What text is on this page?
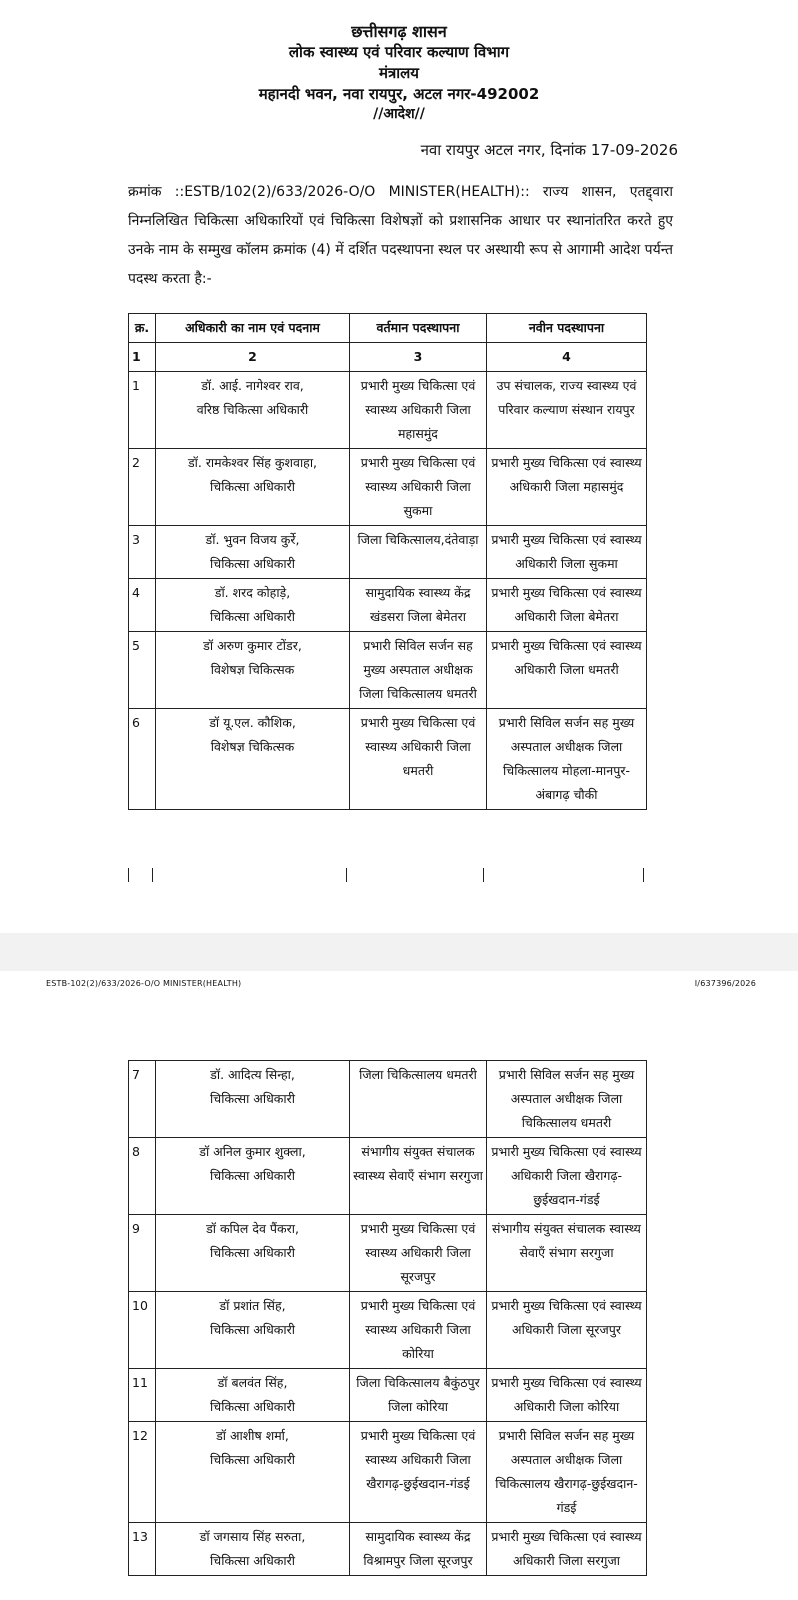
छत्तीसगढ़ शासन
लोक स्वास्थ्य एवं परिवार कल्याण विभाग
मंत्रालय
महानदी भवन, नवा रायपुर, अटल नगर-492002
//आदेश//
नवा रायपुर अटल नगर, दिनांक 17-09-2026
क्रमांक ::ESTB/102(2)/633/2026-O/O MINISTER(HEALTH):: राज्य शासन, एतद्द्वारा निम्नलिखित चिकित्सा अधिकारियों एवं चिकित्सा विशेषज्ञों को प्रशासनिक आधार पर स्थानांतरित करते हुए उनके नाम के सम्मुख कॉलम क्रमांक (4) में दर्शित पदस्थापना स्थल पर अस्थायी रूप से आगामी आदेश पर्यन्त पदस्थ करता है:-
क्र.	अधिकारी का नाम एवं पदनाम	वर्तमान पदस्थापना	नवीन पदस्थापना
1	2	3	4

1	डॉ. आई. नागेश्वर राव,
वरिष्ठ चिकित्सा अधिकारी	प्रभारी मुख्य चिकित्सा एवं स्वास्थ्य अधिकारी जिला महासमुंद	उप संचालक, राज्य स्वास्थ्य एवं परिवार कल्याण संस्थान रायपुर

2	डॉ. रामकेश्वर सिंह कुशवाहा,
चिकित्सा अधिकारी	प्रभारी मुख्य चिकित्सा एवं स्वास्थ्य अधिकारी जिला सुकमा	प्रभारी मुख्य चिकित्सा एवं स्वास्थ्य अधिकारी जिला महासमुंद

3	डॉ. भुवन विजय कुर्रे,
चिकित्सा अधिकारी	जिला चिकित्सालय,दंतेवाड़ा	प्रभारी मुख्य चिकित्सा एवं स्वास्थ्य अधिकारी जिला सुकमा

4	डॉ. शरद कोहाड़े,
चिकित्सा अधिकारी	सामुदायिक स्वास्थ्य केंद्र खंडसरा जिला बेमेतरा	प्रभारी मुख्य चिकित्सा एवं स्वास्थ्य अधिकारी जिला बेमेतरा

5	डॉ अरुण कुमार टोंडर,
विशेषज्ञ चिकित्सक	प्रभारी सिविल सर्जन सह मुख्य अस्पताल अधीक्षक जिला चिकित्सालय धमतरी	प्रभारी मुख्य चिकित्सा एवं स्वास्थ्य अधिकारी जिला धमतरी

6	डॉ यू.एल. कौशिक,
विशेषज्ञ चिकित्सक	प्रभारी मुख्य चिकित्सा एवं स्वास्थ्य अधिकारी जिला धमतरी	प्रभारी सिविल सर्जन सह मुख्य अस्पताल अधीक्षक जिला चिकित्सालय मोहला-मानपुर-अंबागढ़ चौकी
ESTB-102(2)/633/2026-O/O MINISTER(HEALTH)	I/637396/2026
7	डॉ. आदित्य सिन्हा,
चिकित्सा अधिकारी	जिला चिकित्सालय धमतरी	प्रभारी सिविल सर्जन सह मुख्य अस्पताल अधीक्षक जिला चिकित्सालय धमतरी

8	डॉ अनिल कुमार शुक्ला,
चिकित्सा अधिकारी	संभागीय संयुक्त संचालक स्वास्थ्य सेवाएँ संभाग सरगुजा	प्रभारी मुख्य चिकित्सा एवं स्वास्थ्य अधिकारी जिला खैरागढ़-छुईखदान-गंडई

9	डॉ कपिल देव पैंकरा,
चिकित्सा अधिकारी	प्रभारी मुख्य चिकित्सा एवं स्वास्थ्य अधिकारी जिला सूरजपुर	संभागीय संयुक्त संचालक स्वास्थ्य सेवाएँ संभाग सरगुजा

10	डॉ प्रशांत सिंह,
चिकित्सा अधिकारी	प्रभारी मुख्य चिकित्सा एवं स्वास्थ्य अधिकारी जिला कोरिया	प्रभारी मुख्य चिकित्सा एवं स्वास्थ्य अधिकारी जिला सूरजपुर

11	डॉ बलवंत सिंह,
चिकित्सा अधिकारी	जिला चिकित्सालय बैकुंठपुर जिला कोरिया	प्रभारी मुख्य चिकित्सा एवं स्वास्थ्य अधिकारी जिला कोरिया

12	डॉ आशीष शर्मा,
चिकित्सा अधिकारी	प्रभारी मुख्य चिकित्सा एवं स्वास्थ्य अधिकारी जिला खैरागढ़-छुईखदान-गंडई	प्रभारी सिविल सर्जन सह मुख्य अस्पताल अधीक्षक जिला चिकित्सालय खैरागढ़-छुईखदान-गंडई

13	डॉ जगसाय सिंह सरुता,
चिकित्सा अधिकारी	सामुदायिक स्वास्थ्य केंद्र विश्रामपुर जिला सूरजपुर	प्रभारी मुख्य चिकित्सा एवं स्वास्थ्य अधिकारी जिला सरगुजा
